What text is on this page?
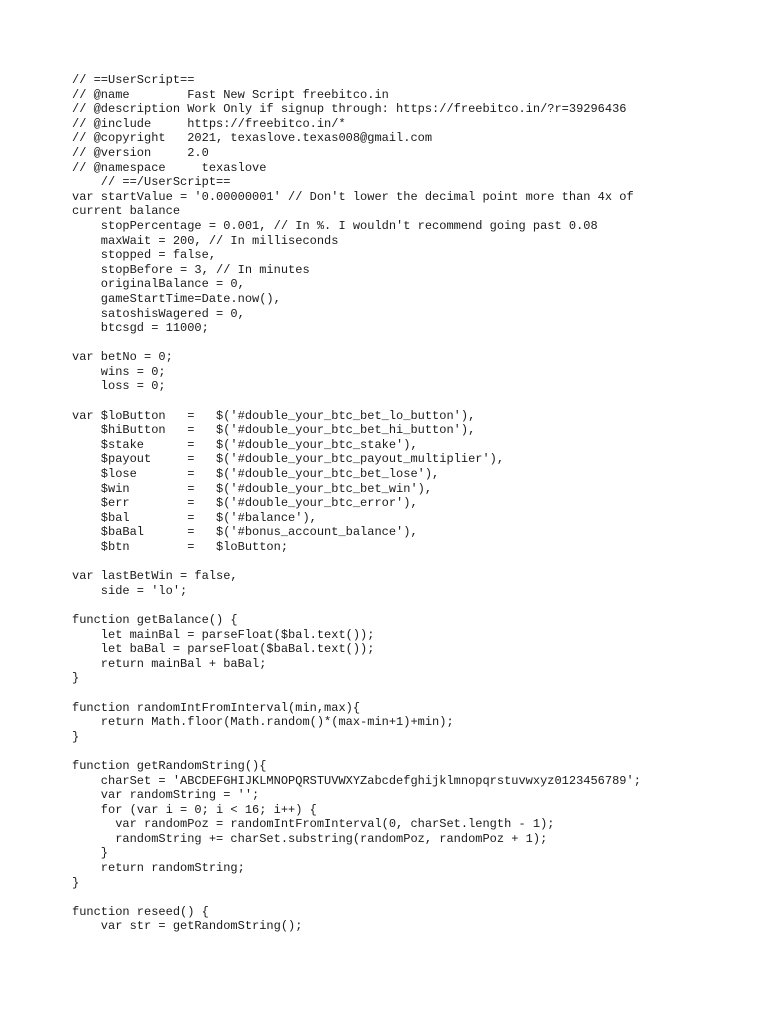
// ==UserScript==
// @name        Fast New Script freebitco.in
// @description Work Only if signup through: https://freebitco.in/?r=39296436
// @include     https://freebitco.in/*
// @copyright   2021, texaslove.texas008@gmail.com
// @version     2.0
// @namespace     texaslove
// ==/UserScript==
var startValue = '0.00000001' // Don't lower the decimal point more than 4x of
current balance
stopPercentage = 0.001, // In %. I wouldn't recommend going past 0.08
maxWait = 200, // In milliseconds
stopped = false,
stopBefore = 3, // In minutes
originalBalance = 0,
gameStartTime=Date.now(),
satoshisWagered = 0,
btcsgd = 11000;

var betNo = 0;
wins = 0;
loss = 0;

var $loButton   =   $('#double_your_btc_bet_lo_button'),
$hiButton   =   $('#double_your_btc_bet_hi_button'),
$stake      =   $('#double_your_btc_stake'),
$payout     =   $('#double_your_btc_payout_multiplier'),
$lose       =   $('#double_your_btc_bet_lose'),
$win        =   $('#double_your_btc_bet_win'),
$err        =   $('#double_your_btc_error'),
$bal        =   $('#balance'),
$baBal      =   $('#bonus_account_balance'),
$btn        =   $loButton;

var lastBetWin = false,
side = 'lo';

function getBalance() {
let mainBal = parseFloat($bal.text());
let baBal = parseFloat($baBal.text());
return mainBal + baBal;
}

function randomIntFromInterval(min,max){
return Math.floor(Math.random()*(max-min+1)+min);
}

function getRandomString(){
charSet = 'ABCDEFGHIJKLMNOPQRSTUVWXYZabcdefghijklmnopqrstuvwxyz0123456789';
var randomString = '';
for (var i = 0; i < 16; i++) {
var randomPoz = randomIntFromInterval(0, charSet.length - 1);
randomString += charSet.substring(randomPoz, randomPoz + 1);
}
return randomString;
}

function reseed() {
var str = getRandomString();
